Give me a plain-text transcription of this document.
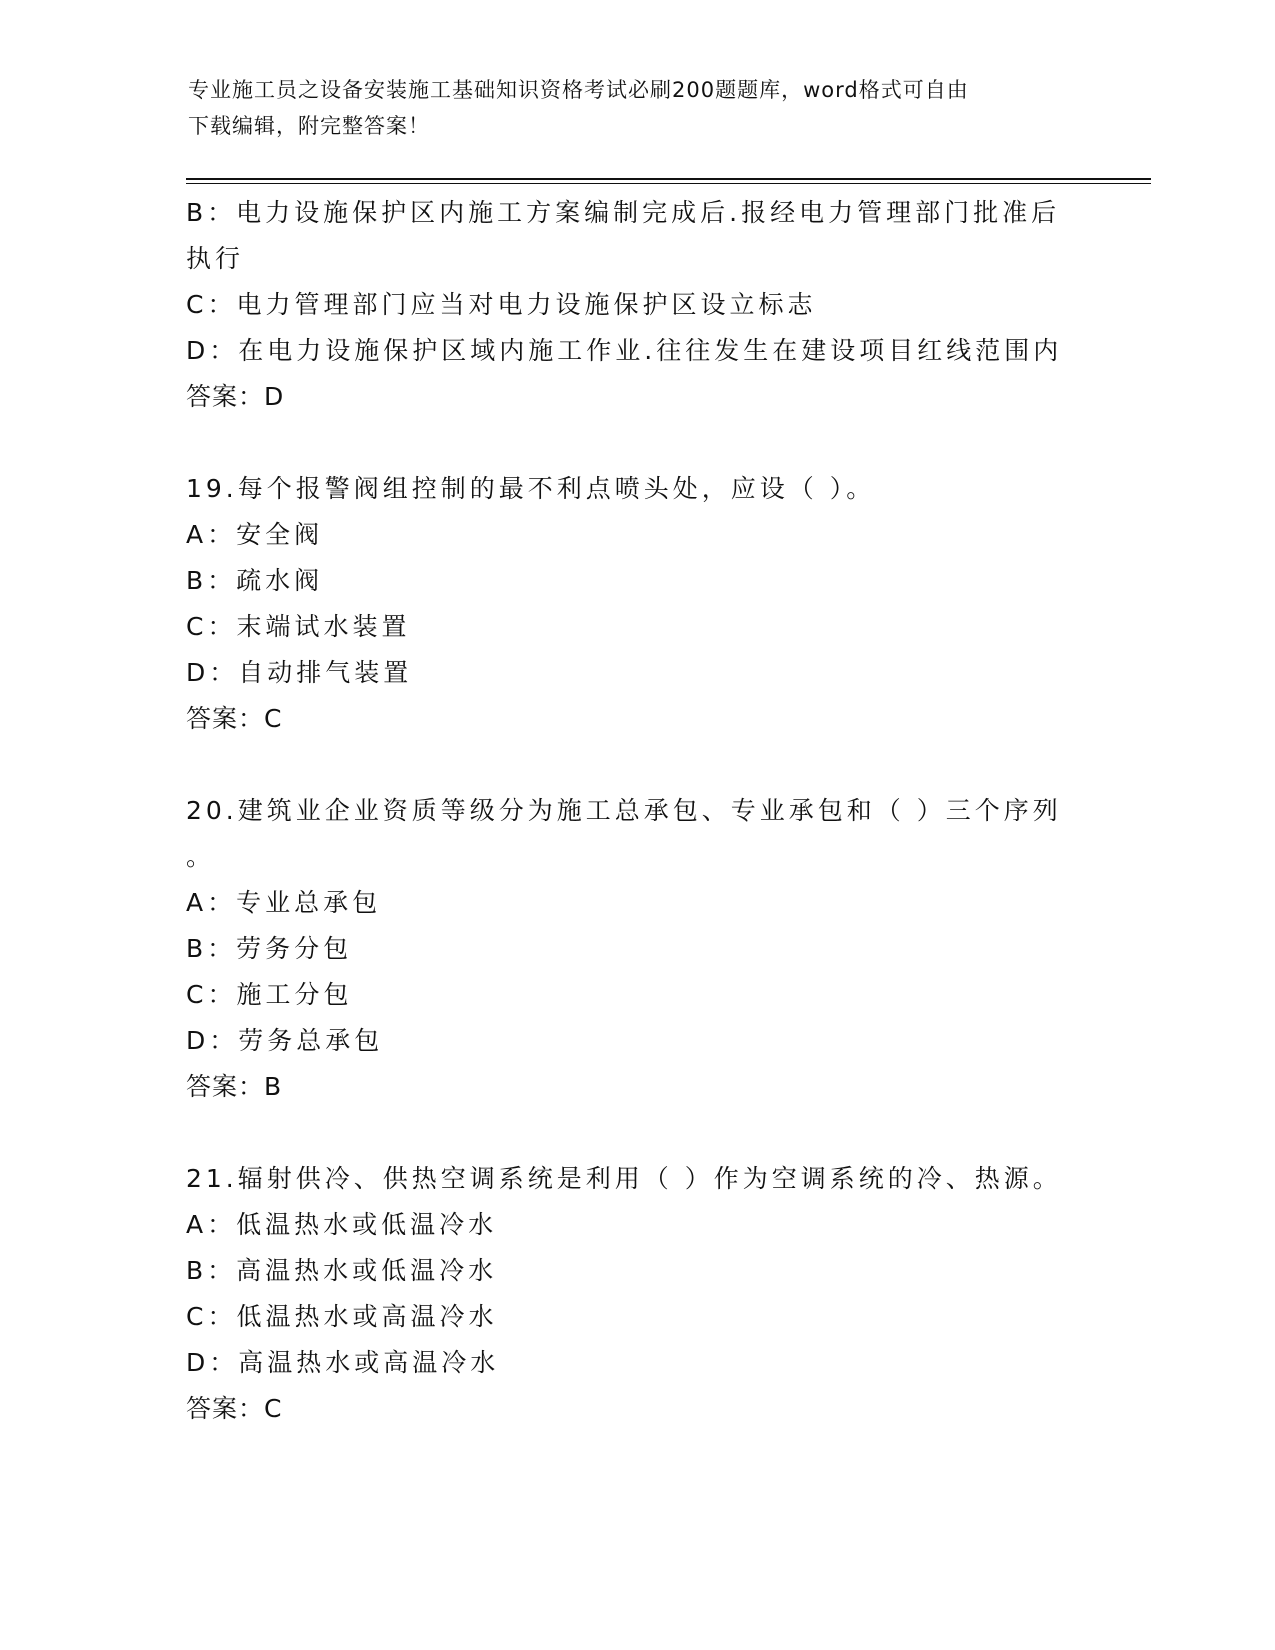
专业施工员之设备安装施工基础知识资格考试必刷200题题库，word格式可自由
下载编辑，附完整答案！
B：电力设施保护区内施工方案编制完成后.报经电力管理部门批准后
执行
C：电力管理部门应当对电力设施保护区设立标志
D：在电力设施保护区域内施工作业.往往发生在建设项目红线范围内
答案：D
19.每个报警阀组控制的最不利点喷头处，应设（ ）。
A：安全阀
B：疏水阀
C：末端试水装置
D：自动排气装置
答案：C
20.建筑业企业资质等级分为施工总承包、专业承包和（ ）三个序列
。
A：专业总承包
B：劳务分包
C：施工分包
D：劳务总承包
答案：B
21.辐射供冷、供热空调系统是利用（ ）作为空调系统的冷、热源。
A：低温热水或低温冷水
B：高温热水或低温冷水
C：低温热水或高温冷水
D：高温热水或高温冷水
答案：C
